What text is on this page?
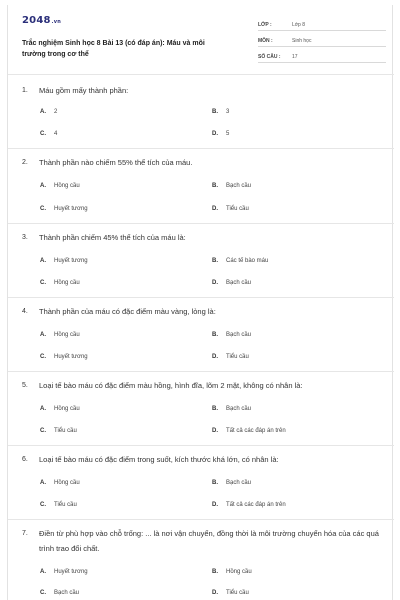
2048.vn
Trắc nghiệm Sinh học 8 Bài 13 (có đáp án): Máu và môi trường trong cơ thể
LỚP :	Lớp 8
MÔN :	Sinh học
SỐ CÂU : 17
1. Máu gồm mấy thành phần:
A. 2	B. 3
C. 4	D. 5
2. Thành phần nào chiếm 55% thể tích của máu.
A. Hồng cầu	B. Bạch cầu
C. Huyết tương	D. Tiểu cầu
3. Thành phần chiếm 45% thể tích của máu là:
A. Huyết tương	B. Các tế bào máu
C. Hồng cầu	D. Bạch cầu
4. Thành phần của máu có đặc điểm màu vàng, lỏng là:
A. Hồng cầu	B. Bạch cầu
C. Huyết tương	D. Tiểu cầu
5. Loại tế bào máu có đặc điểm màu hồng, hình đĩa, lõm 2 mặt, không có nhân là:
A. Hồng cầu	B. Bạch cầu
C. Tiểu cầu	D. Tất cả các đáp án trên
6. Loại tế bào máu có đặc điểm trong suốt, kích thước khá lớn, có nhân là:
A. Hồng cầu	B. Bạch cầu
C. Tiểu cầu	D. Tất cả các đáp án trên
7. Điền từ phù hợp vào chỗ trống: ... là nơi vận chuyển, đồng thời là môi trường chuyển hóa của các quá trình trao đổi chất.
A. Huyết tương	B. Hồng cầu
C. Bạch cầu	D. Tiểu cầu
